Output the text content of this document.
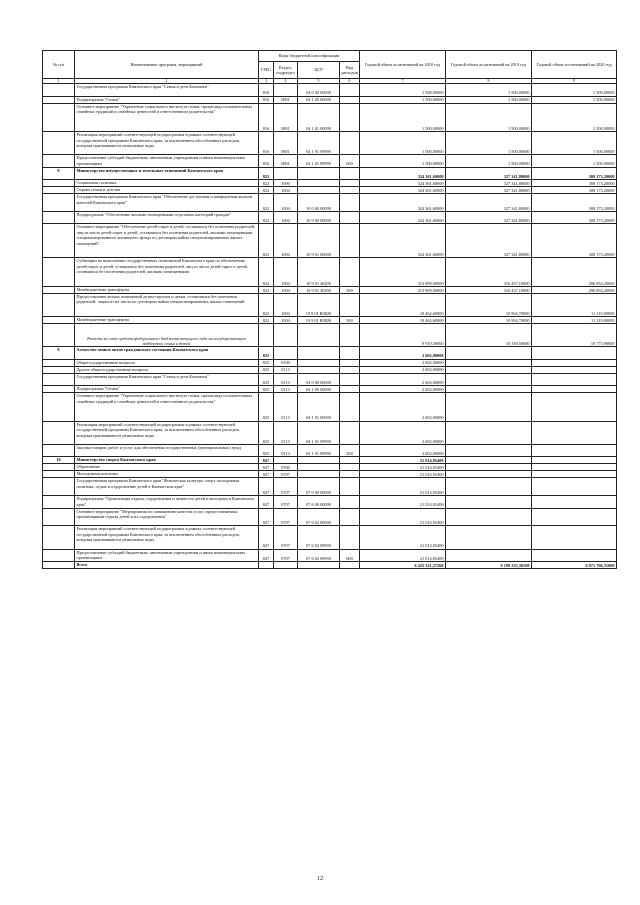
№ п/п	Наименование программ, мероприятий	Коды бюджетной классификации				Годовой объем ассигнований на 2018 год	Годовой объем ассигнований на 2019 год	Годовой объем ассигнований на 2020 год
		ГРБС	Раздел, подраздел	ЦСР	Вид расходов			
1	2	3	4	5	6	7	8	9
	Государственная программа Камчатского края "Семья и дети Камчатки"	816		04 0 00 00000		1 500,00000	1 500,00000	1 500,00000
	Подпрограмма "Семья"	816	0801	04 1 00 00000		1 500,00000	1 500,00000	1 500,00000
	Основное мероприятие "Укрепление социального института семьи, пропаганда положительных семейных традиций и семейных ценностей и ответственного родительства"	816	0801	04 1 01 00000		1 500,00000	1 500,00000	1 500,00000
	Реализация мероприятий соответствующей подпрограммы в рамках соответствующей государственной программы Камчатского края, за исключением обособленных расходов, которым присваиваются уникальные коды	816	0801	04 1 01 09990		1 500,00000	1 500,00000	1 500,00000
	Предоставление субсидий бюджетным, автономным учреждениям и иным некоммерческим организациям	816	0801	04 1 01 09990	600	1 500,00000	1 500,00000	1 500,00000
8	Министерство имущественных и земельных отношений Камчатского края	822				324 361,60000	327 341,80000	308 173,20000
	Социальная политика	822	1000			324 361,60000	327 341,80000	308 173,20000
	Охрана семьи и детства	822	1004			324 361,60000	327 341,80000	308 173,20000
	Государственная программа Камчатского края "Обеспечение доступным и комфортным жильем жителей Камчатского края"	822	1004	10 0 00 00000		324 361,60000	327 341,80000	308 173,20000
	Подпрограмма "Обеспечение жилыми помещениями отдельных категорий граждан"	822	1004	10 9 00 00000		324 361,60000	327 341,80000	308 173,20000
	Основное мероприятие "Обеспечение детей-сирот и детей, оставшихся без попечения родителей, лиц из числа детей-сирот и детей, оставшихся без попечения родителей, жилыми помещениями специализированного жилищного фонда по договорам найма специализированных жилых помещений"	822	1004	10 9 01 00000		324 361,60000	327 341,80000	308 173,20000
	Субвенции на выполнение государственных полномочий Камчатского края по обеспечению детей-сирот и детей, оставшихся без попечения родителей, лиц из числа детей-сирот и детей, оставшихся без попечения родителей, жилыми помещениями	822	1004	10 9 01 40290		313 899,00000	316 437,10000	296 854,20000
	Межбюджетные трансферты	822	1004	10 9 01 40290	500	313 899,00000	316 437,10000	296 854,20000
	Предоставление жилых помещений детям-сиротам и детям, оставшимся без попечения родителей, лицам из их числа по договорам найма специализированных жилых помещений	822	1004	10 9 01 R0820		10 462,60000	10 904,70000	11 319,00000
	Межбюджетные трансферты	822	1004	10 9 01 R0820	500	10 462,60000	10 904,70000	11 319,00000
	Расходы за счет средств федерального бюджета текущего года на государственную поддержку семьи и детей					9 919,30000	10 339,50000	10 773,90000
9	Агентство записи актов гражданского состояния Камчатского края	825				2 602,00000		
	Общегосударственные вопросы	825	0100			2 602,00000		
	Другие общегосударственные вопросы	825	0113			2 602,00000		
	Государственная программа Камчатского края "Семья и дети Камчатки"	825	0113	04 0 00 00000		2 602,00000		
	Подпрограмма "Семья"	825	0113	04 1 00 00000		2 602,00000		
	Основное мероприятие "Укрепление социального института семьи, пропаганда положительных семейных традиций и семейных ценностей и ответственного родительства"	825	0113	04 1 01 00000		2 602,00000		
	Реализация мероприятий соответствующей подпрограммы в рамках соответствующей государственной программы Камчатского края, за исключением обособленных расходов, которым присваиваются уникальные коды	825	0113	04 1 01 09990		2 602,00000		
	Закупка товаров, работ и услуг для обеспечения государственных (муниципальных) нужд	825	0113	04 1 01 09990	200	2 602,00000		
10	Министерство спорта Камчатского края	847				21 014,05400		
	Образование	847	0700			21 014,05400		
	Молодежная политика	847	0707			21 014,05400		
	Государственная программа Камчатского края "Физическая культура, спорт, молодежная политика, отдых и оздоровление детей в Камчатском крае"	847	0707	07 0 00 00000		21 014,05400		
	Подпрограмма "Организация отдыха, оздоровления и занятости детей и молодежи в Камчатском крае"	847	0707	07 6 00 00000		21 014,05400		
	Основное мероприятие "Мероприятия по повышению качества услуг, предоставляемых организациями отдыха детей и их оздоровления"	847	0707	07 6 02 00000		21 014,05400		
	Реализация мероприятий соответствующей подпрограммы в рамках соответствующей государственной программы Камчатского края, за исключением обособленных расходов, которым присваиваются уникальные коды	847	0707	07 6 02 09990		21 014,05400		
	Предоставление субсидий бюджетным, автономным учреждениям и иным некоммерческим организациям	847	0707	07 6 02 09990	600	21 014,05400		
	Всего					6 425 321,27260	6 199 235,38100	6 071 706,31000
12
